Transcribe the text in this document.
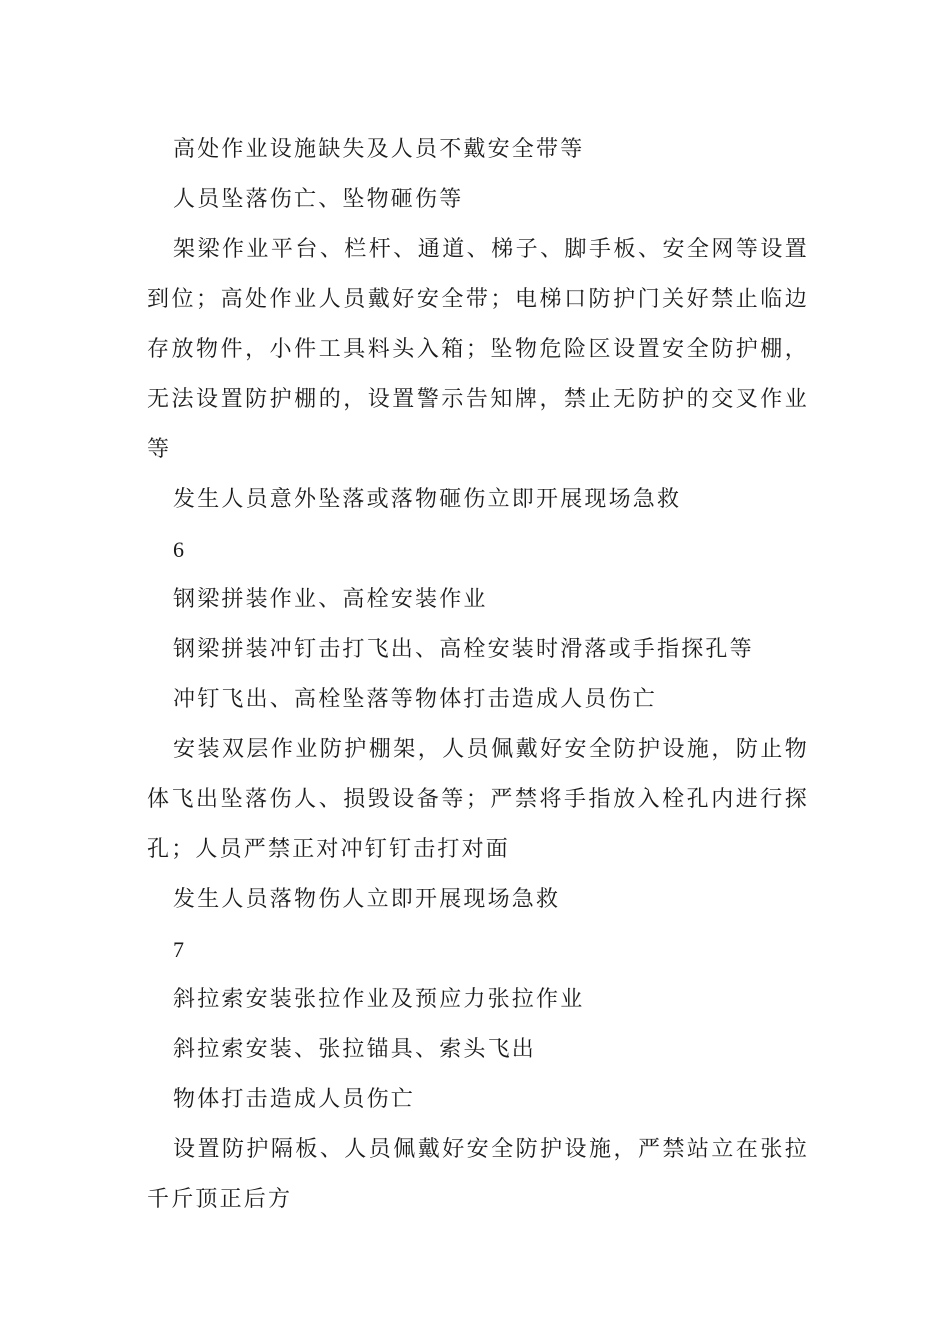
高处作业设施缺失及人员不戴安全带等

人员坠落伤亡、坠物砸伤等

架梁作业平台、栏杆、通道、梯子、脚手板、安全网等设置到位；高处作业人员戴好安全带；电梯口防护门关好禁止临边存放物件，小件工具料头入箱；坠物危险区设置安全防护棚，无法设置防护棚的，设置警示告知牌，禁止无防护的交叉作业等

发生人员意外坠落或落物砸伤立即开展现场急救

6

钢梁拼装作业、高栓安装作业

钢梁拼装冲钉击打飞出、高栓安装时滑落或手指探孔等

冲钉飞出、高栓坠落等物体打击造成人员伤亡

安装双层作业防护棚架，人员佩戴好安全防护设施，防止物体飞出坠落伤人、损毁设备等；严禁将手指放入栓孔内进行探孔；人员严禁正对冲钉钉击打对面

发生人员落物伤人立即开展现场急救

7

斜拉索安装张拉作业及预应力张拉作业

斜拉索安装、张拉锚具、索头飞出

物体打击造成人员伤亡

设置防护隔板、人员佩戴好安全防护设施，严禁站立在张拉千斤顶正后方
